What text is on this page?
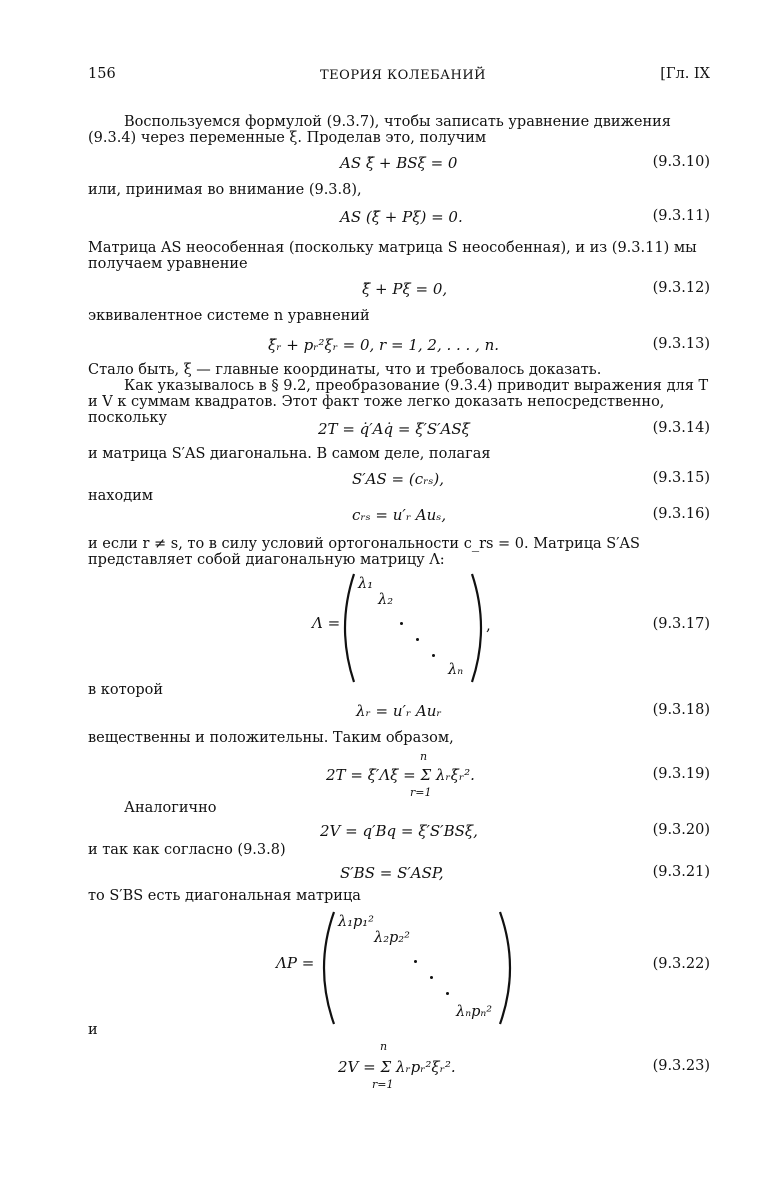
156	ТЕОРИЯ КОЛЕБАНИЙ	[Гл. IX
Воспользуемся формулой (9.3.7), чтобы записать уравнение движения (9.3.4) через переменные ξ. Проделав это, получим
AS ξ̈ + BSξ = 0	(9.3.10)
или, принимая во внимание (9.3.8),
AS (ξ̈ + Pξ) = 0.	(9.3.11)
Матрица AS неособенная (поскольку матрица S неособенная), и из (9.3.11) мы получаем уравнение
ξ̈ + Pξ = 0,	(9.3.12)
эквивалентное системе n уравнений
ξ̈ᵣ + pᵣ²ξᵣ = 0, r = 1, 2, . . . , n.	(9.3.13)
Стало быть, ξ — главные координаты, что и требовалось доказать.
Как указывалось в § 9.2, преобразование (9.3.4) приводит выражения для T и V к суммам квадратов. Этот факт тоже легко доказать непосредственно, поскольку
2T = q̇′Aq̇ = ξ̇′S′ASξ̇	(9.3.14)
и матрица S′AS диагональна. В самом деле, полагая
S′AS = (cᵣₛ),	(9.3.15)
находим
cᵣₛ = u′ᵣ Auₛ,	(9.3.16)
и если r ≠ s, то в силу условий ортогональности c_rs = 0. Матрица S′AS представляет собой диагональную матрицу Λ:
Λ =
λ₁
λ₂
λₙ
,	(9.3.17)
в которой
λᵣ = u′ᵣ Auᵣ	(9.3.18)
вещественны и положительны. Таким образом,
2T = ξ̇′Λξ̇ = Σ λᵣξ̇ᵣ².
n
r=1
(9.3.19)
Аналогично
2V = q′Bq = ξ′S′BSξ,	(9.3.20)
и так как согласно (9.3.8)
S′BS = S′ASP,	(9.3.21)
то S′BS есть диагональная матрица
ΛP =
λ₁p₁²
λ₂p₂²
λₙpₙ²
(9.3.22)
и
2V = Σ λᵣpᵣ²ξᵣ².
n
r=1
(9.3.23)
